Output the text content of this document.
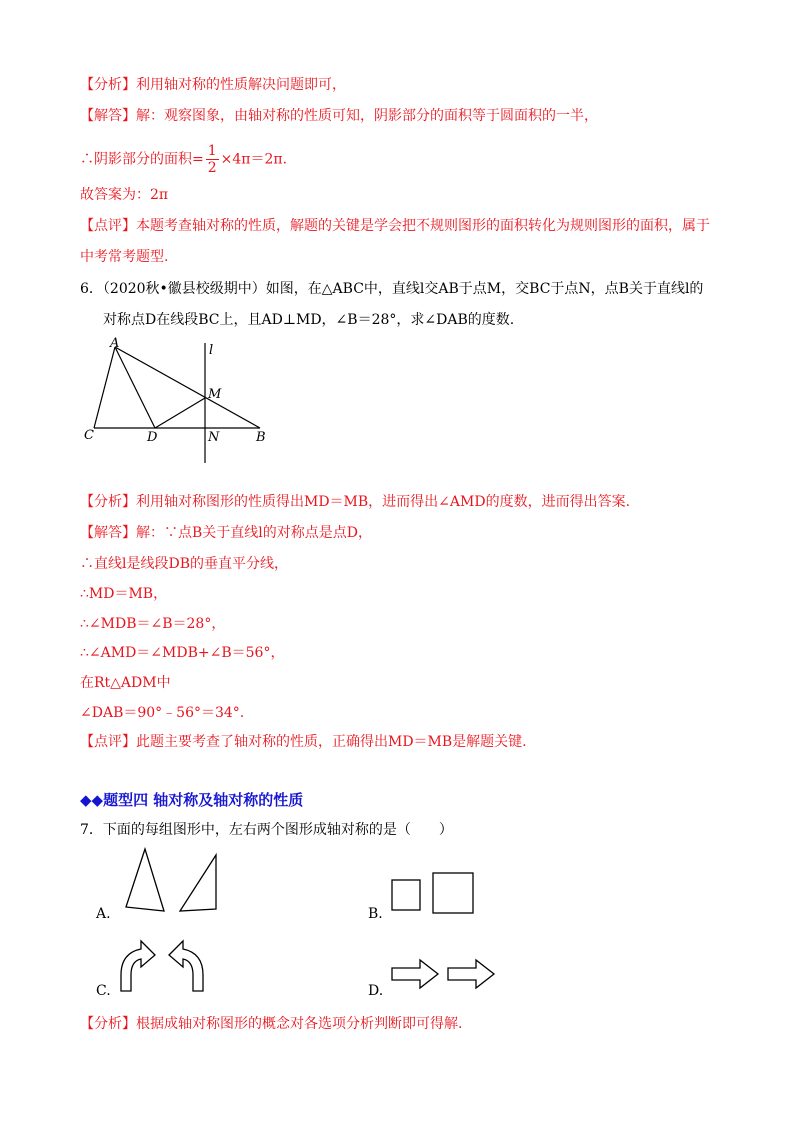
【分析】利用轴对称的性质解决问题即可，
【解答】解：观察图象，由轴对称的性质可知，阴影部分的面积等于圆面积的一半，
∴阴影部分的面积= $\frac{1}{2} \times 4\pi=2\pi$.
故答案为：2π
【点评】本题考查轴对称的性质，解题的关键是学会把不规则图形的面积转化为规则图形的面积，属于
中考常考题型.
6．（2020秋•徽县校级期中）如图，在△ABC中，直线l交AB于点M，交BC于点N，点B关于直线l的
对称点D在线段BC上，且AD⊥MD，∠B＝28°，求∠DAB的度数.
A
C	D	N	B
M
l
【分析】利用轴对称图形的性质得出MD＝MB，进而得出∠AMD的度数，进而得出答案.
【解答】解：∵点B关于直线l的对称点是点D，
∴直线l是线段DB的垂直平分线，
∴MD＝MB，
∴∠MDB＝∠B＝28°，
∴∠AMD＝∠MDB+∠B＝56°，
在Rt△ADM中
∠DAB＝90°﹣56°＝34°.
【点评】此题主要考查了轴对称的性质，正确得出MD＝MB是解题关键.
◆◆题型四 轴对称及轴对称的性质
7．下面的每组图形中，左右两个图形成轴对称的是（　　）
A.	B.
C.	D.
【分析】根据成轴对称图形的概念对各选项分析判断即可得解.
